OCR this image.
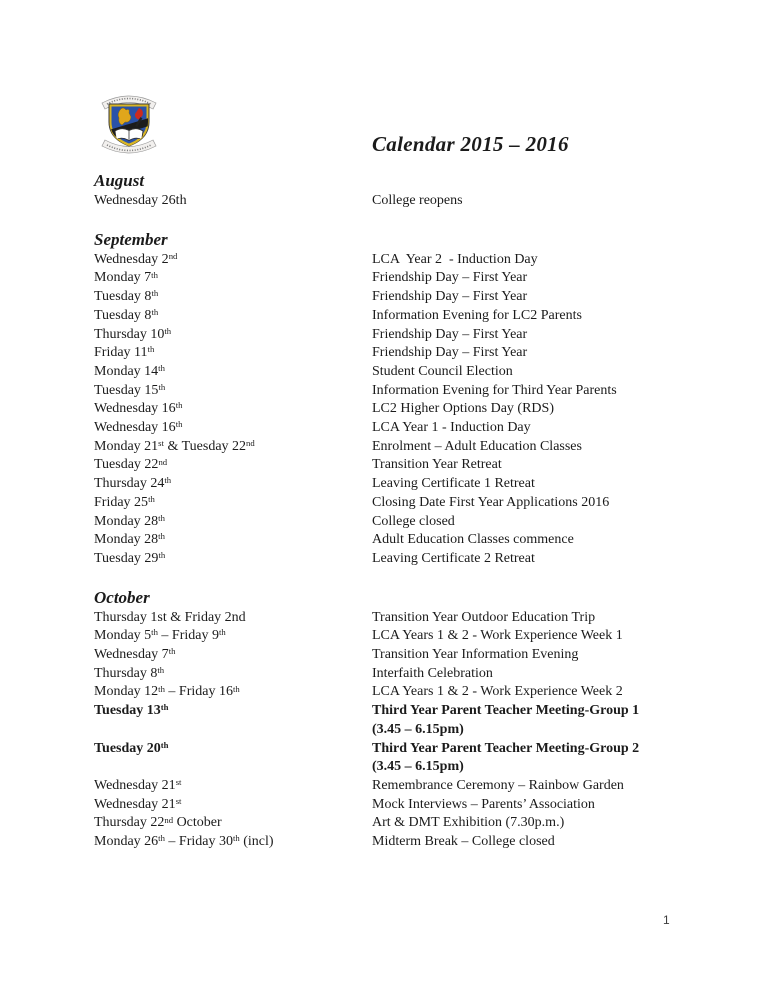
Calendar 2015 – 2016
August
Wednesday 26th	College reopens
September
Wednesday 2nd	LCA  Year 2  - Induction Day
Monday 7th	Friendship Day – First Year
Tuesday 8th	Friendship Day – First Year
Tuesday 8th	Information Evening for LC2 Parents
Thursday 10th	Friendship Day – First Year
Friday 11th	Friendship Day – First Year
Monday 14th	Student Council Election
Tuesday 15th	Information Evening for Third Year Parents
Wednesday 16th	LC2 Higher Options Day (RDS)
Wednesday 16th	LCA Year 1 - Induction Day
Monday 21st & Tuesday 22nd	Enrolment – Adult Education Classes
Tuesday 22nd	Transition Year Retreat
Thursday 24th	Leaving Certificate 1 Retreat
Friday 25th	Closing Date First Year Applications 2016
Monday 28th	College closed
Monday 28th	Adult Education Classes commence
Tuesday 29th	Leaving Certificate 2 Retreat
October
Thursday 1st & Friday 2nd	Transition Year Outdoor Education Trip
Monday 5th – Friday 9th	LCA Years 1 & 2 - Work Experience Week 1
Wednesday 7th	Transition Year Information Evening
Thursday 8th	Interfaith Celebration
Monday 12th – Friday 16th	LCA Years 1 & 2 - Work Experience Week 2
Tuesday 13th	Third Year Parent Teacher Meeting-Group 1
(3.45 – 6.15pm)
Tuesday 20th	Third Year Parent Teacher Meeting-Group 2
(3.45 – 6.15pm)
Wednesday 21st	Remembrance Ceremony – Rainbow Garden
Wednesday 21st	Mock Interviews – Parents’ Association
Thursday 22nd October	Art & DMT Exhibition (7.30p.m.)
Monday 26th – Friday 30th (incl)	Midterm Break – College closed
1
